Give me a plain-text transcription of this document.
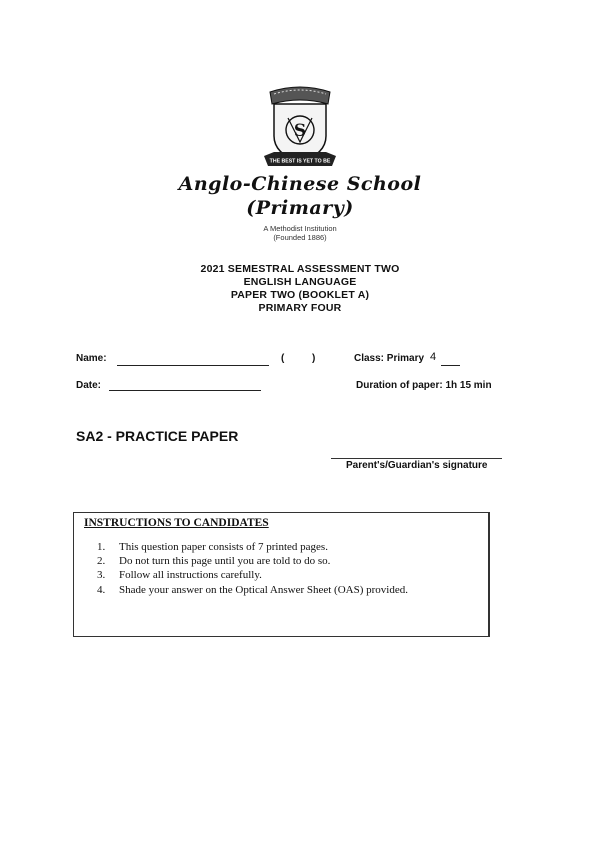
S
THE BEST IS YET TO BE
Anglo-Chinese School
(Primary)
A Methodist Institution
(Founded 1886)
2021 SEMESTRAL ASSESSMENT TWO
ENGLISH LANGUAGE
PAPER TWO (BOOKLET A)
PRIMARY FOUR
Name:	(	)	Class: Primary 4
Date:	Duration of paper: 1h 15 min
SA2 - PRACTICE PAPER
Parent's/Guardian's signature
INSTRUCTIONS TO CANDIDATES
1. This question paper consists of 7 printed pages.
2. Do not turn this page until you are told to do so.
3. Follow all instructions carefully.
4. Shade your answer on the Optical Answer Sheet (OAS) provided.
